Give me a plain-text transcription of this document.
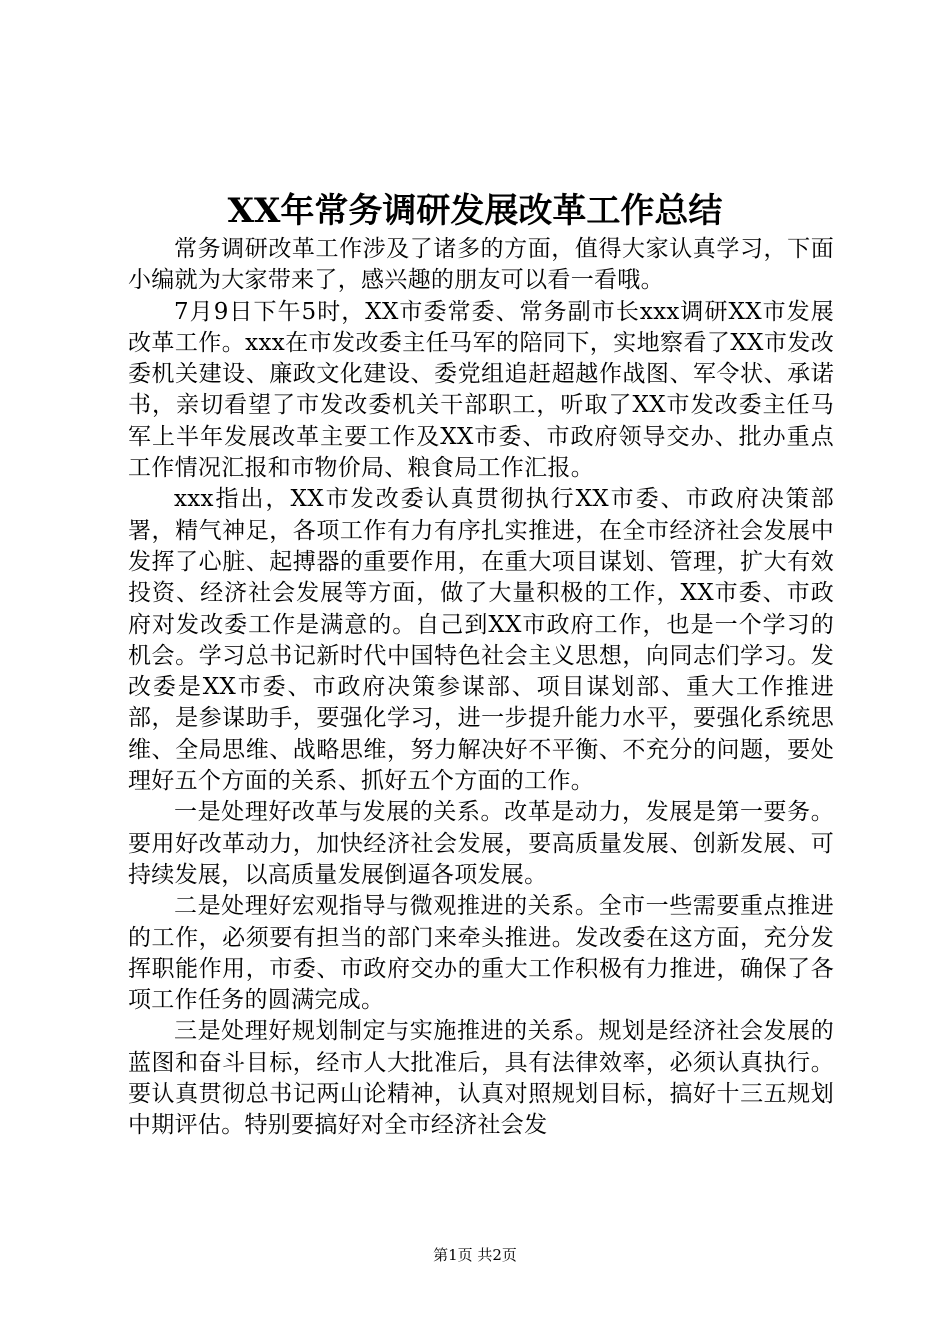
XX年常务调研发展改革工作总结

常务调研改革工作涉及了诸多的方面，值得大家认真学习，下面小编就为大家带来了，感兴趣的朋友可以看一看哦。

7月9日下午5时，XX市委常委、常务副市长xxx调研XX市发展改革工作。xxx在市发改委主任马军的陪同下，实地察看了XX市发改委机关建设、廉政文化建设、委党组追赶超越作战图、军令状、承诺书，亲切看望了市发改委机关干部职工，听取了XX市发改委主任马军上半年发展改革主要工作及XX市委、市政府领导交办、批办重点工作情况汇报和市物价局、粮食局工作汇报。

xxx指出，XX市发改委认真贯彻执行XX市委、市政府决策部署，精气神足，各项工作有力有序扎实推进，在全市经济社会发展中发挥了心脏、起搏器的重要作用，在重大项目谋划、管理，扩大有效投资、经济社会发展等方面，做了大量积极的工作，XX市委、市政府对发改委工作是满意的。自己到XX市政府工作，也是一个学习的机会。学习总书记新时代中国特色社会主义思想，向同志们学习。发改委是XX市委、市政府决策参谋部、项目谋划部、重大工作推进部，是参谋助手，要强化学习，进一步提升能力水平，要强化系统思维、全局思维、战略思维，努力解决好不平衡、不充分的问题，要处理好五个方面的关系、抓好五个方面的工作。

一是处理好改革与发展的关系。改革是动力，发展是第一要务。要用好改革动力，加快经济社会发展，要高质量发展、创新发展、可持续发展，以高质量发展倒逼各项发展。

二是处理好宏观指导与微观推进的关系。全市一些需要重点推进的工作，必须要有担当的部门来牵头推进。发改委在这方面，充分发挥职能作用，市委、市政府交办的重大工作积极有力推进，确保了各项工作任务的圆满完成。

三是处理好规划制定与实施推进的关系。规划是经济社会发展的蓝图和奋斗目标，经市人大批准后，具有法律效率，必须认真执行。要认真贯彻总书记两山论精神，认真对照规划目标，搞好十三五规划中期评估。特别要搞好对全市经济社会发

第1页 共2页
